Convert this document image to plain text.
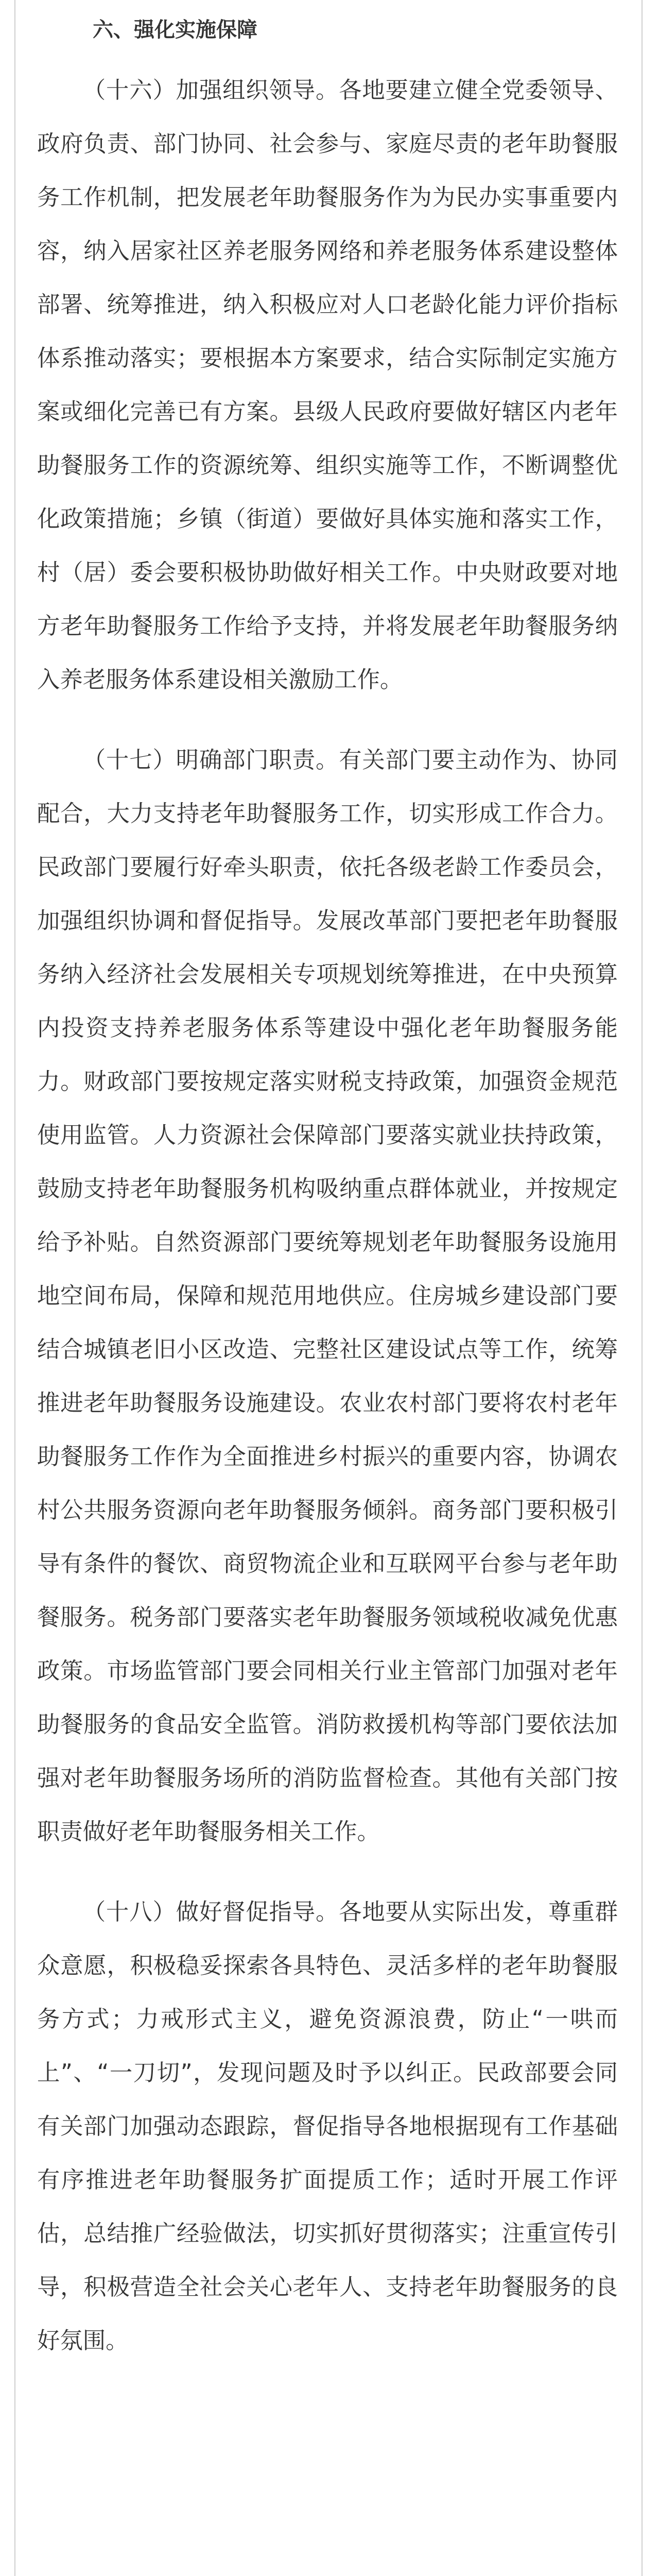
六、强化实施保障

（十六）加强组织领导。各地要建立健全党委领导、政府负责、部门协同、社会参与、家庭尽责的老年助餐服务工作机制，把发展老年助餐服务作为为民办实事重要内容，纳入居家社区养老服务网络和养老服务体系建设整体部署、统筹推进，纳入积极应对人口老龄化能力评价指标体系推动落实；要根据本方案要求，结合实际制定实施方案或细化完善已有方案。县级人民政府要做好辖区内老年助餐服务工作的资源统筹、组织实施等工作，不断调整优化政策措施；乡镇（街道）要做好具体实施和落实工作，村（居）委会要积极协助做好相关工作。中央财政要对地方老年助餐服务工作给予支持，并将发展老年助餐服务纳入养老服务体系建设相关激励工作。

（十七）明确部门职责。有关部门要主动作为、协同配合，大力支持老年助餐服务工作，切实形成工作合力。民政部门要履行好牵头职责，依托各级老龄工作委员会，加强组织协调和督促指导。发展改革部门要把老年助餐服务纳入经济社会发展相关专项规划统筹推进，在中央预算内投资支持养老服务体系等建设中强化老年助餐服务能力。财政部门要按规定落实财税支持政策，加强资金规范使用监管。人力资源社会保障部门要落实就业扶持政策，鼓励支持老年助餐服务机构吸纳重点群体就业，并按规定给予补贴。自然资源部门要统筹规划老年助餐服务设施用地空间布局，保障和规范用地供应。住房城乡建设部门要结合城镇老旧小区改造、完整社区建设试点等工作，统筹推进老年助餐服务设施建设。农业农村部门要将农村老年助餐服务工作作为全面推进乡村振兴的重要内容，协调农村公共服务资源向老年助餐服务倾斜。商务部门要积极引导有条件的餐饮、商贸物流企业和互联网平台参与老年助餐服务。税务部门要落实老年助餐服务领域税收减免优惠政策。市场监管部门要会同相关行业主管部门加强对老年助餐服务的食品安全监管。消防救援机构等部门要依法加强对老年助餐服务场所的消防监督检查。其他有关部门按职责做好老年助餐服务相关工作。

（十八）做好督促指导。各地要从实际出发，尊重群众意愿，积极稳妥探索各具特色、灵活多样的老年助餐服务方式；力戒形式主义，避免资源浪费，防止“一哄而上”、“一刀切”，发现问题及时予以纠正。民政部要会同有关部门加强动态跟踪，督促指导各地根据现有工作基础有序推进老年助餐服务扩面提质工作；适时开展工作评估，总结推广经验做法，切实抓好贯彻落实；注重宣传引导，积极营造全社会关心老年人、支持老年助餐服务的良好氛围。
